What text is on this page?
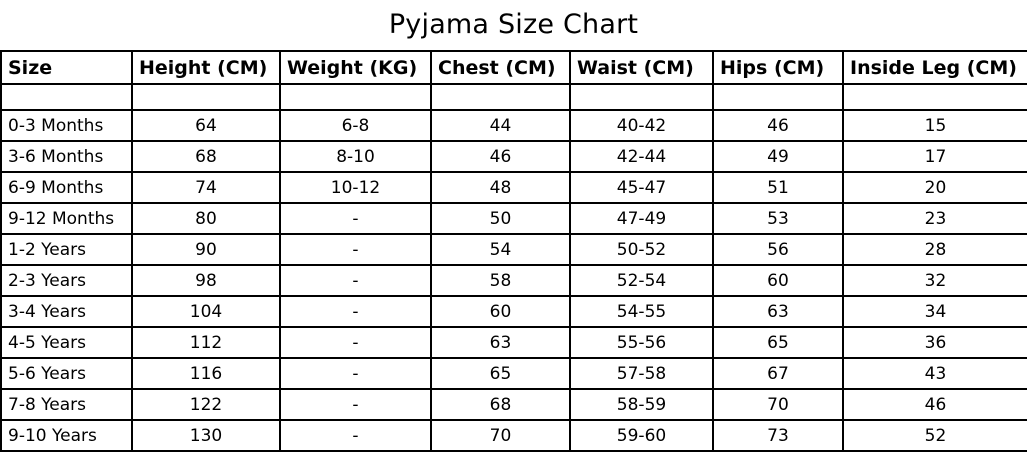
Pyjama Size Chart
Size	Height (CM)	Weight (KG)	Chest (CM)	Waist (CM)	Hips (CM)	Inside Leg (CM)

0-3 Months	64	6-8	44	40-42	46	15
3-6 Months	68	8-10	46	42-44	49	17
6-9 Months	74	10-12	48	45-47	51	20
9-12 Months	80	-	50	47-49	53	23
1-2 Years	90	-	54	50-52	56	28
2-3 Years	98	-	58	52-54	60	32
3-4 Years	104	-	60	54-55	63	34
4-5 Years	112	-	63	55-56	65	36
5-6 Years	116	-	65	57-58	67	43
7-8 Years	122	-	68	58-59	70	46
9-10 Years	130	-	70	59-60	73	52
